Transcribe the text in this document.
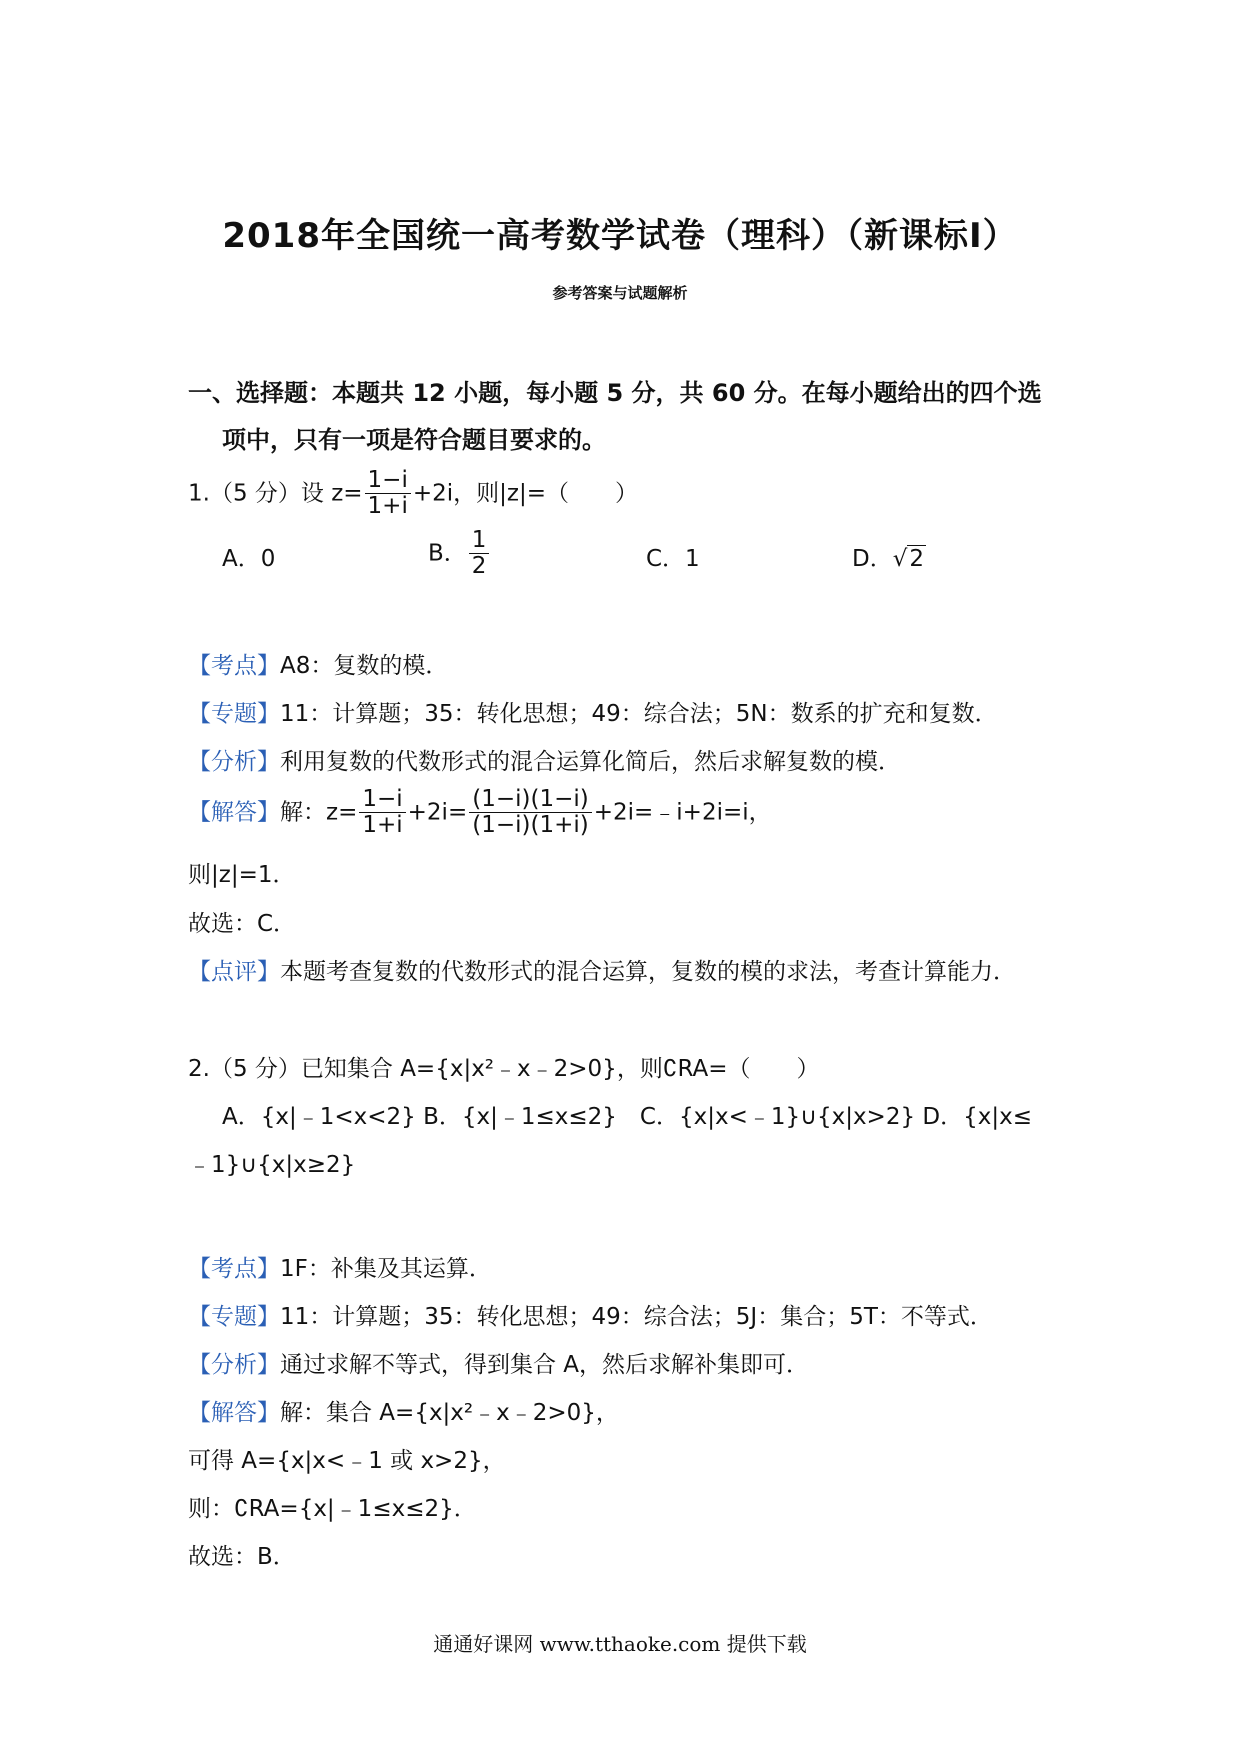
2018年全国统一高考数学试卷（理科）（新课标Ⅰ）
参考答案与试题解析
一、选择题：本题共 12 小题，每小题 5 分，共 60 分。在每小题给出的四个选
项中，只有一项是符合题目要求的。
1.（5 分）设 $z= \frac{1-i}{1+i} +2i$，则|z|=（　　）
A．0	B． $\frac{1}{2}$	C．1	D．√2
【考点】A8：复数的模．
【专题】11：计算题；35：转化思想；49：综合法；5N：数系的扩充和复数．
【分析】利用复数的代数形式的混合运算化简后，然后求解复数的模．
【解答】解：$z= \frac{1-i}{1+i} +2i= \frac{(1-i)(1-i)}{(1-i)(1+i)}$ +2i=﹣i+2i=i，
则|z|=1．
故选：C．
【点评】本题考查复数的代数形式的混合运算，复数的模的求法，考查计算能力．
2.（5 分）已知集合 A={x|x²﹣x﹣2>0}，则∁RA=（　　）
A．{x|﹣1<x<2} B．{x|﹣1≤x≤2}　C．{x|x<﹣1}∪{x|x>2} D．{x|x≤
﹣1}∪{x|x≥2}
【考点】1F：补集及其运算．
【专题】11：计算题；35：转化思想；49：综合法；5J：集合；5T：不等式．
【分析】通过求解不等式，得到集合 A，然后求解补集即可．
【解答】解：集合 A={x|x²﹣x﹣2>0}，
可得 A={x|x<﹣1 或 x>2}，
则：∁RA={x|﹣1≤x≤2}．
故选：B．
通通好课网 www.tthaoke.com 提供下载
